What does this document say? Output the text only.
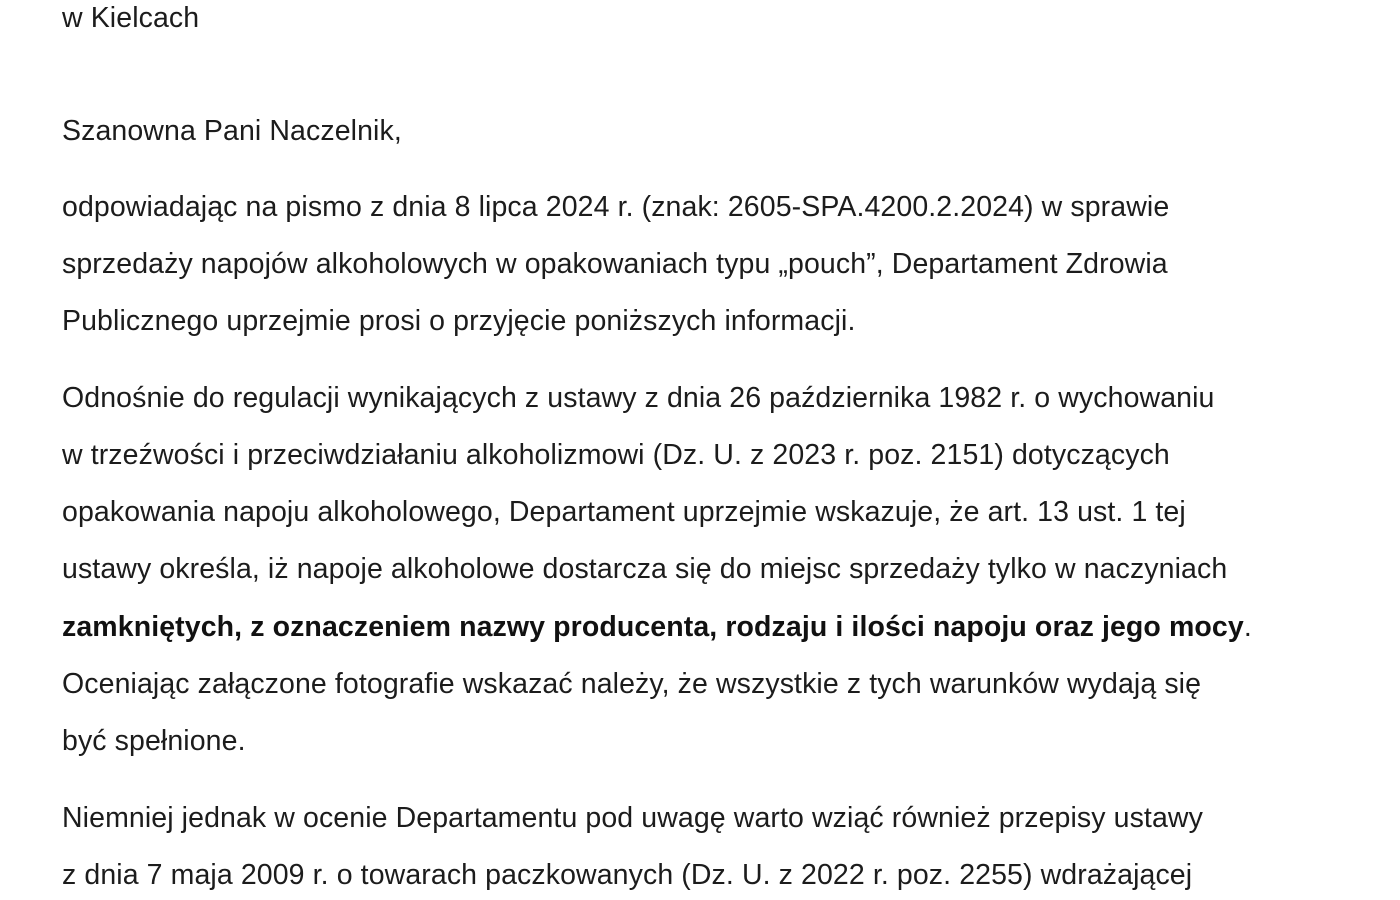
w Kielcach
Szanowna Pani Naczelnik,
odpowiadając na pismo z dnia 8 lipca 2024 r. (znak: 2605-SPA.4200.2.2024) w sprawie
sprzedaży napojów alkoholowych w opakowaniach typu „pouch”, Departament Zdrowia
Publicznego uprzejmie prosi o przyjęcie poniższych informacji.
Odnośnie do regulacji wynikających z ustawy z dnia 26 października 1982 r. o wychowaniu
w trzeźwości i przeciwdziałaniu alkoholizmowi (Dz. U. z 2023 r. poz. 2151) dotyczących
opakowania napoju alkoholowego, Departament uprzejmie wskazuje, że art. 13 ust. 1 tej
ustawy określa, iż napoje alkoholowe dostarcza się do miejsc sprzedaży tylko w naczyniach
zamkniętych, z oznaczeniem nazwy producenta, rodzaju i ilości napoju oraz jego mocy.
Oceniając załączone fotografie wskazać należy, że wszystkie z tych warunków wydają się
być spełnione.
Niemniej jednak w ocenie Departamentu pod uwagę warto wziąć również przepisy ustawy
z dnia 7 maja 2009 r. o towarach paczkowanych (Dz. U. z 2022 r. poz. 2255) wdrażającej
